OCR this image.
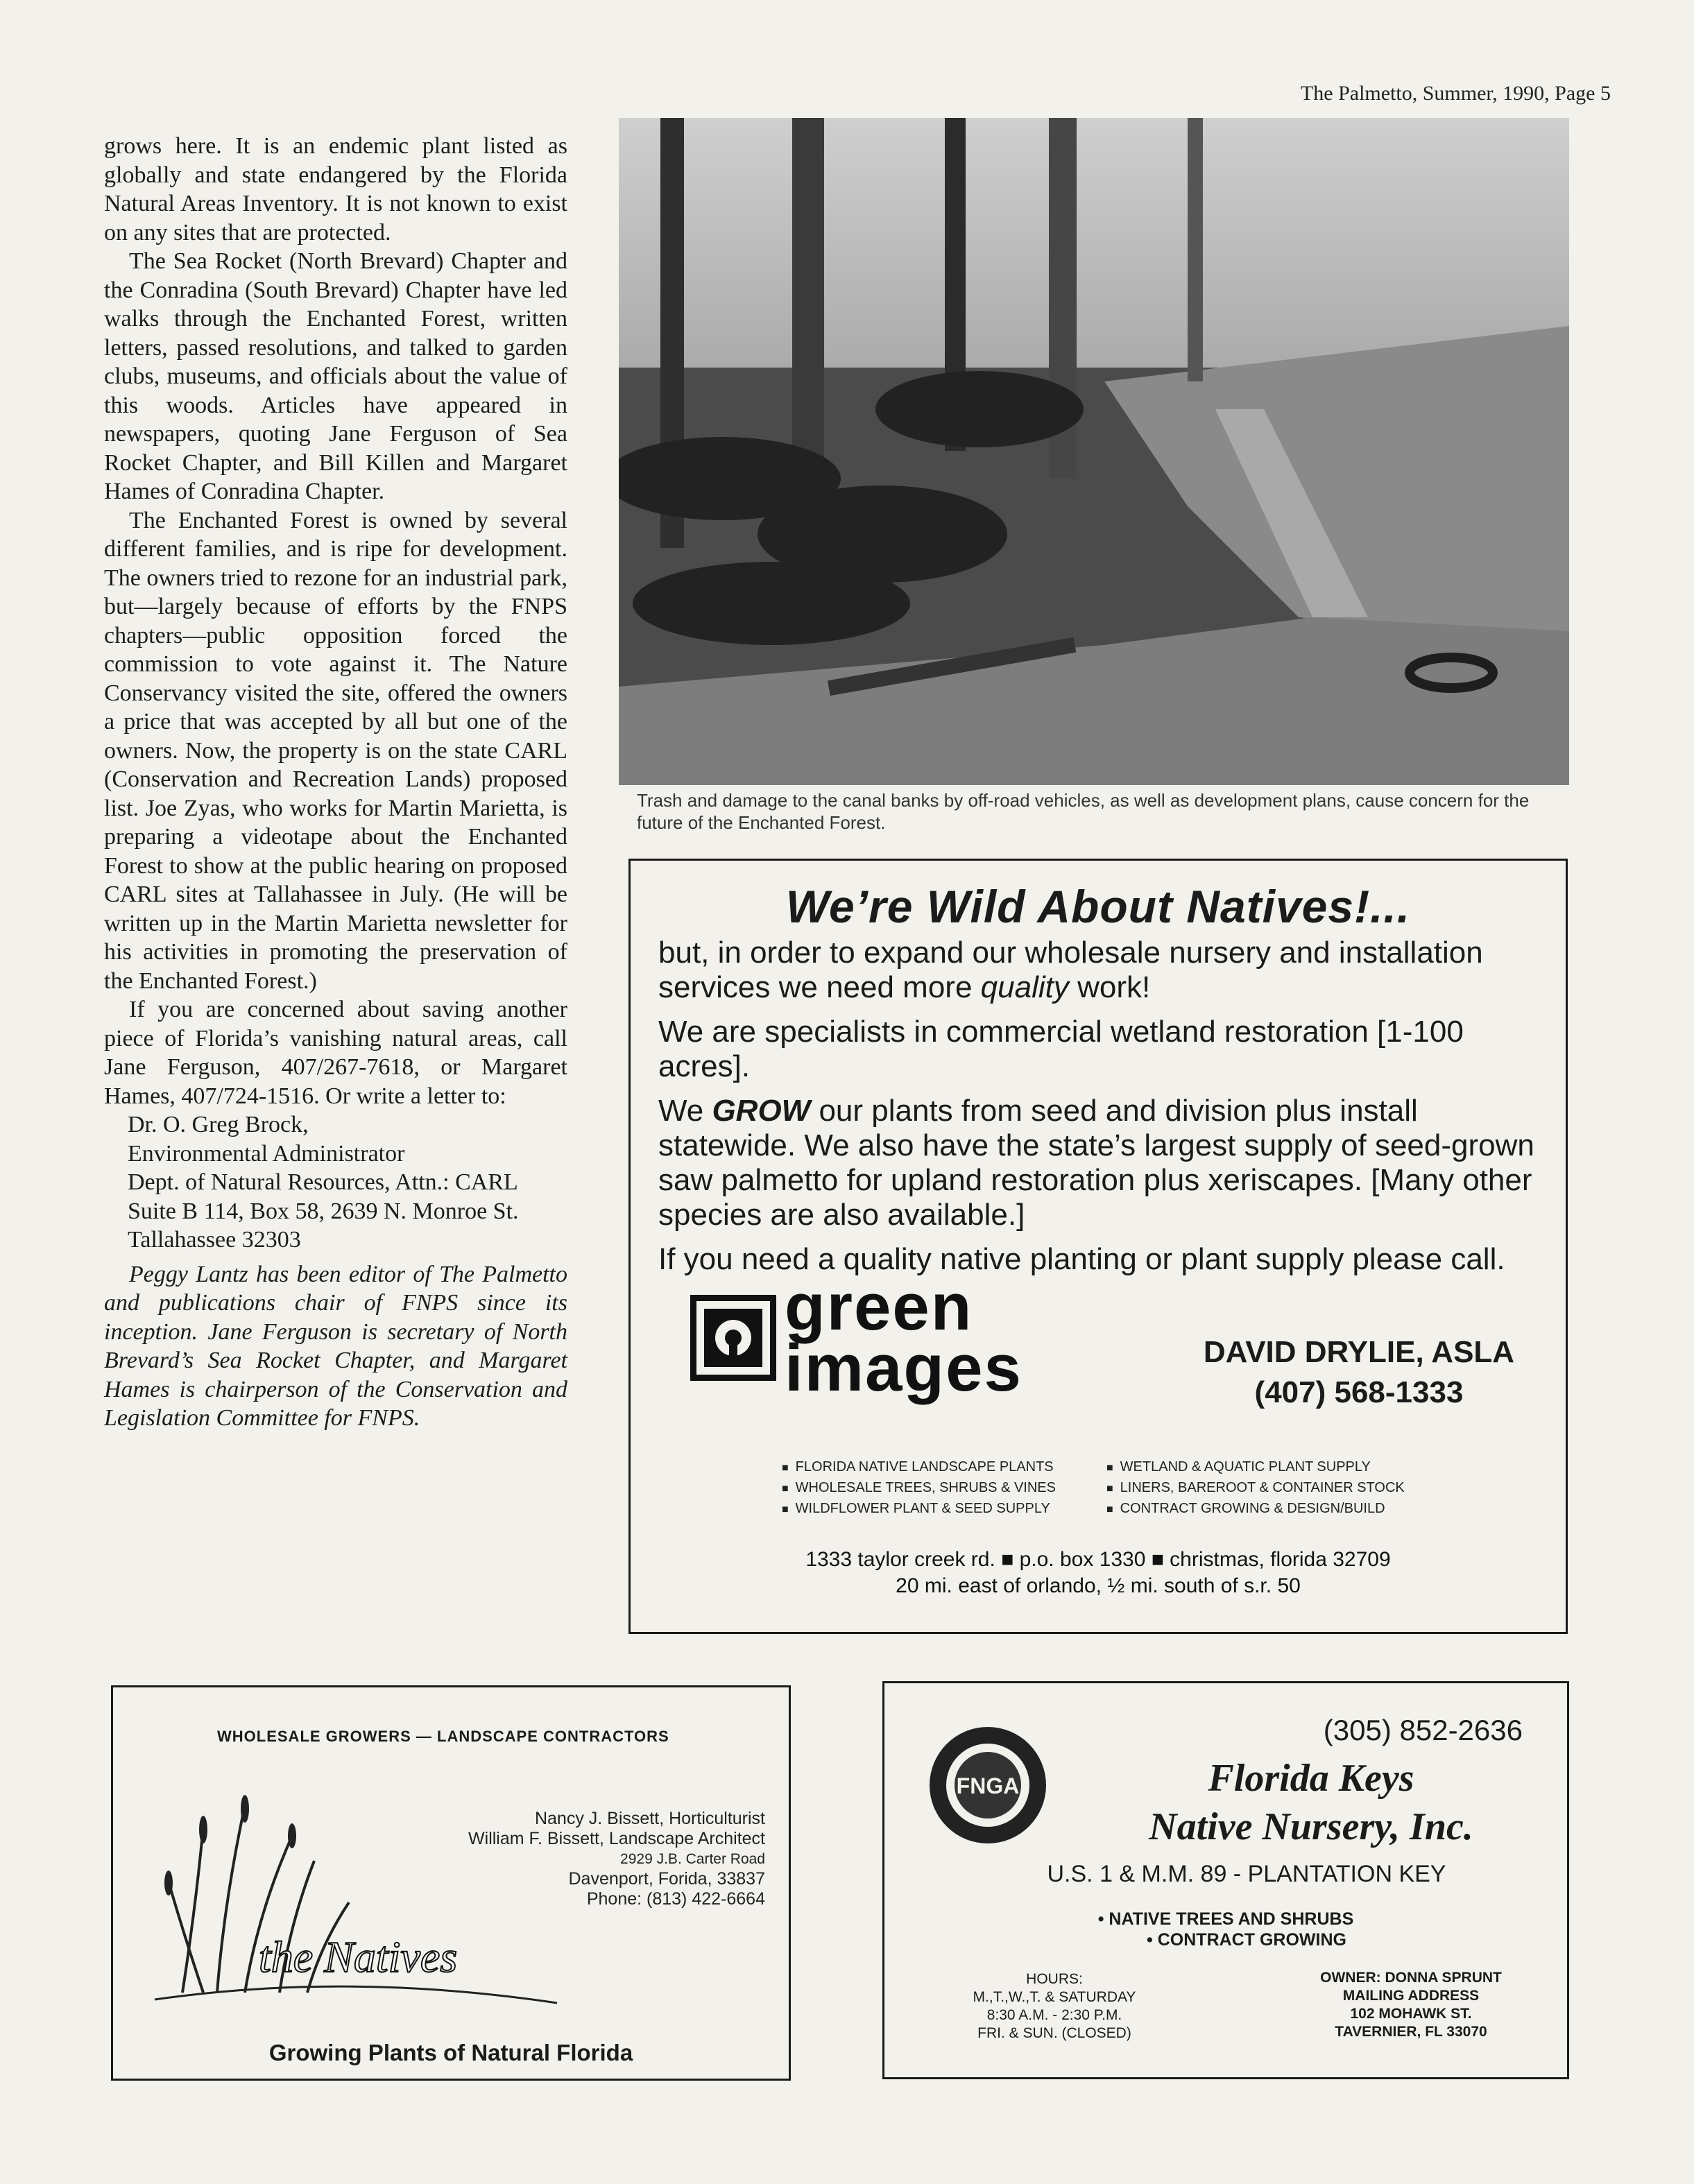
The Palmetto, Summer, 1990, Page 5

grows here. It is an endemic plant listed as globally and state endangered by the Florida Natural Areas Inventory. It is not known to exist on any sites that are protected.

The Sea Rocket (North Brevard) Chapter and the Conradina (South Brevard) Chapter have led walks through the Enchanted Forest, written letters, passed resolutions, and talked to garden clubs, museums, and officials about the value of this woods. Articles have appeared in newspapers, quoting Jane Ferguson of Sea Rocket Chapter, and Bill Killen and Margaret Hames of Conradina Chapter.

The Enchanted Forest is owned by several different families, and is ripe for development. The owners tried to rezone for an industrial park, but—largely because of efforts by the FNPS chapters—public opposition forced the commission to vote against it. The Nature Conservancy visited the site, offered the owners a price that was accepted by all but one of the owners. Now, the property is on the state CARL (Conservation and Recreation Lands) proposed list. Joe Zyas, who works for Martin Marietta, is preparing a videotape about the Enchanted Forest to show at the public hearing on proposed CARL sites at Tallahassee in July. (He will be written up in the Martin Marietta newsletter for his activities in promoting the preservation of the Enchanted Forest.)

If you are concerned about saving another piece of Florida’s vanishing natural areas, call Jane Ferguson, 407/267-7618, or Margaret Hames, 407/724-1516. Or write a letter to:

Dr. O. Greg Brock,

Environmental Administrator

Dept. of Natural Resources, Attn.: CARL

Suite B 114, Box 58, 2639 N. Monroe St.

Tallahassee 32303

Peggy Lantz has been editor of The Palmetto and publications chair of FNPS since its inception. Jane Ferguson is secretary of North Brevard’s Sea Rocket Chapter, and Margaret Hames is chairperson of the Conservation and Legislation Committee for FNPS.

Trash and damage to the canal banks by off-road vehicles, as well as development plans, cause concern for the future of the Enchanted Forest.
We’re Wild About Natives!...

but, in order to expand our wholesale nursery and installation services we need more quality work!

We are specialists in commercial wetland restoration [1-100 acres].

We GROW our plants from seed and division plus install statewide. We also have the state’s largest supply of seed-grown saw palmetto for upland restoration plus xeriscapes. [Many other species are also available.]

If you need a quality native planting or plant supply please call.

green
images	DAVID DRYLIE, ASLA
(407) 568-1333
■ FLORIDA NATIVE LANDSCAPE PLANTS
■ WHOLESALE TREES, SHRUBS & VINES
■ WILDFLOWER PLANT & SEED SUPPLY
■ WETLAND & AQUATIC PLANT SUPPLY
■ LINERS, BAREROOT & CONTAINER STOCK
■ CONTRACT GROWING & DESIGN/BUILD
1333 taylor creek rd. ■ p.o. box 1330 ■ christmas, florida 32709
20 mi. east of orlando, ½ mi. south of s.r. 50
WHOLESALE GROWERS — LANDSCAPE CONTRACTORS
the Natives
Nancy J. Bissett, Horticulturist
William F. Bissett, Landscape Architect
2929 J.B. Carter Road
Davenport, Forida, 33837
Phone: (813) 422-6664
Growing Plants of Natural Florida
FNGA
(305) 852-2636
Florida Keys
Native Nursery, Inc.
U.S. 1 & M.M. 89 - PLANTATION KEY
• NATIVE TREES AND SHRUBS
• CONTRACT GROWING
HOURS:
M.,T.,W.,T. & SATURDAY
8:30 A.M. - 2:30 P.M.
FRI. & SUN. (CLOSED)
OWNER: DONNA SPRUNT
MAILING ADDRESS
102 MOHAWK ST.
TAVERNIER, FL 33070
